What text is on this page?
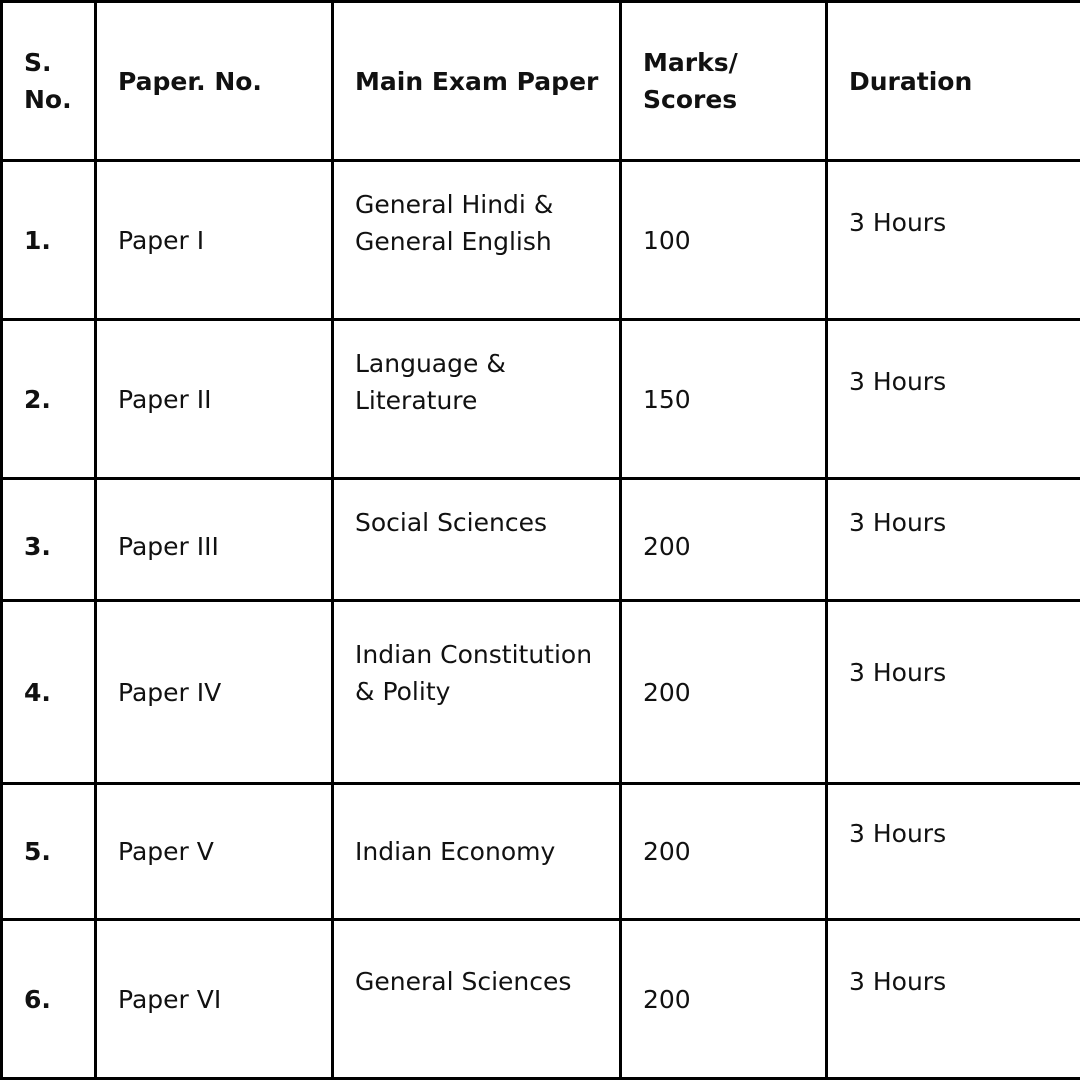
S. No.	Paper. No.	Main Exam Paper	Marks/ Scores	Duration
1.	Paper I	General Hindi & General English	100	3 Hours

2.	Paper II	Language & Literature	150	3 Hours

3.	Paper III	Social Sciences	200	3 Hours

4.	Paper IV	Indian Constitution & Polity	200	3 Hours

5.	Paper V	Indian Economy	200	3 Hours

6.	Paper VI	General Sciences	200	3 Hours
